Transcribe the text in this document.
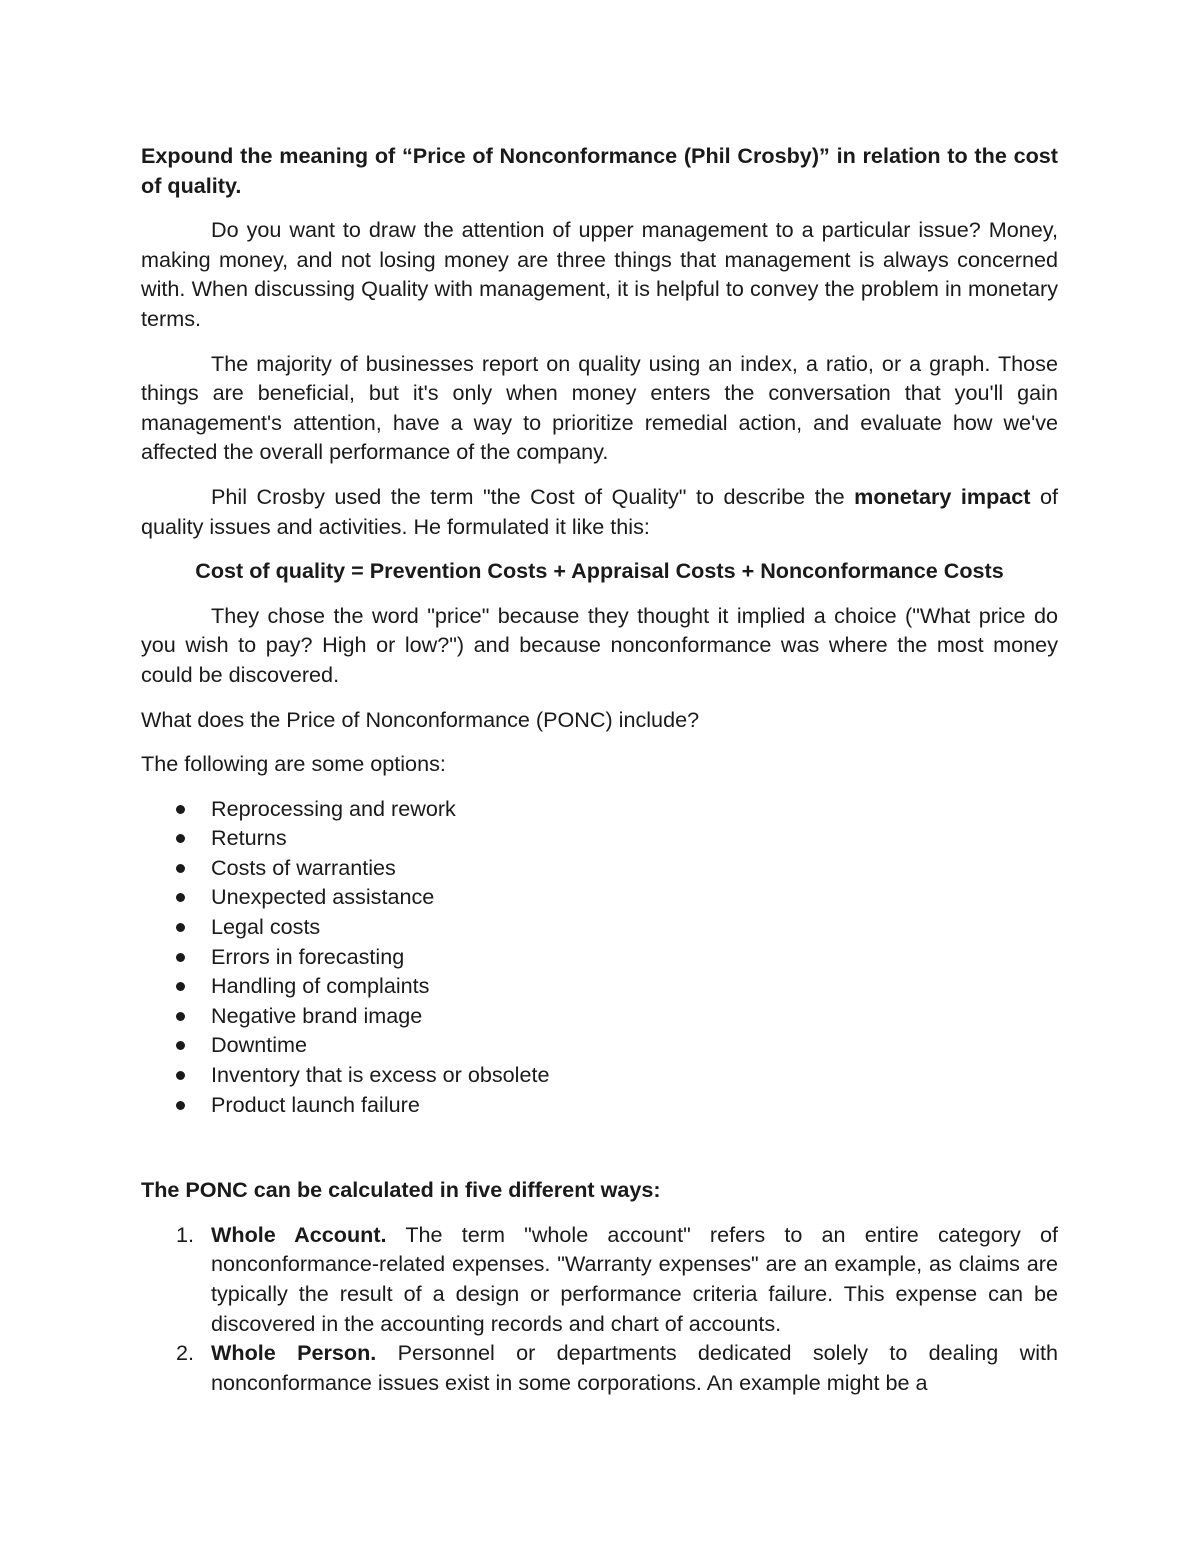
Expound the meaning of “Price of Nonconformance (Phil Crosby)” in relation to the cost of quality.

Do you want to draw the attention of upper management to a particular issue? Money, making money, and not losing money are three things that management is always concerned with. When discussing Quality with management, it is helpful to convey the problem in monetary terms.

The majority of businesses report on quality using an index, a ratio, or a graph. Those things are beneficial, but it's only when money enters the conversation that you'll gain management's attention, have a way to prioritize remedial action, and evaluate how we've affected the overall performance of the company.

Phil Crosby used the term "the Cost of Quality" to describe the monetary impact of quality issues and activities. He formulated it like this:

Cost of quality = Prevention Costs + Appraisal Costs + Nonconformance Costs

They chose the word "price" because they thought it implied a choice ("What price do you wish to pay? High or low?") and because nonconformance was where the most money could be discovered.

What does the Price of Nonconformance (PONC) include?

The following are some options:

Reprocessing and rework
Returns
Costs of warranties
Unexpected assistance
Legal costs
Errors in forecasting
Handling of complaints
Negative brand image
Downtime
Inventory that is excess or obsolete
Product launch failure
The PONC can be calculated in five different ways:
1. Whole Account. The term "whole account" refers to an entire category of nonconformance-related expenses. "Warranty expenses" are an example, as claims are typically the result of a design or performance criteria failure. This expense can be discovered in the accounting records and chart of accounts.
2. Whole Person. Personnel or departments dedicated solely to dealing with nonconformance issues exist in some corporations. An example might be a
